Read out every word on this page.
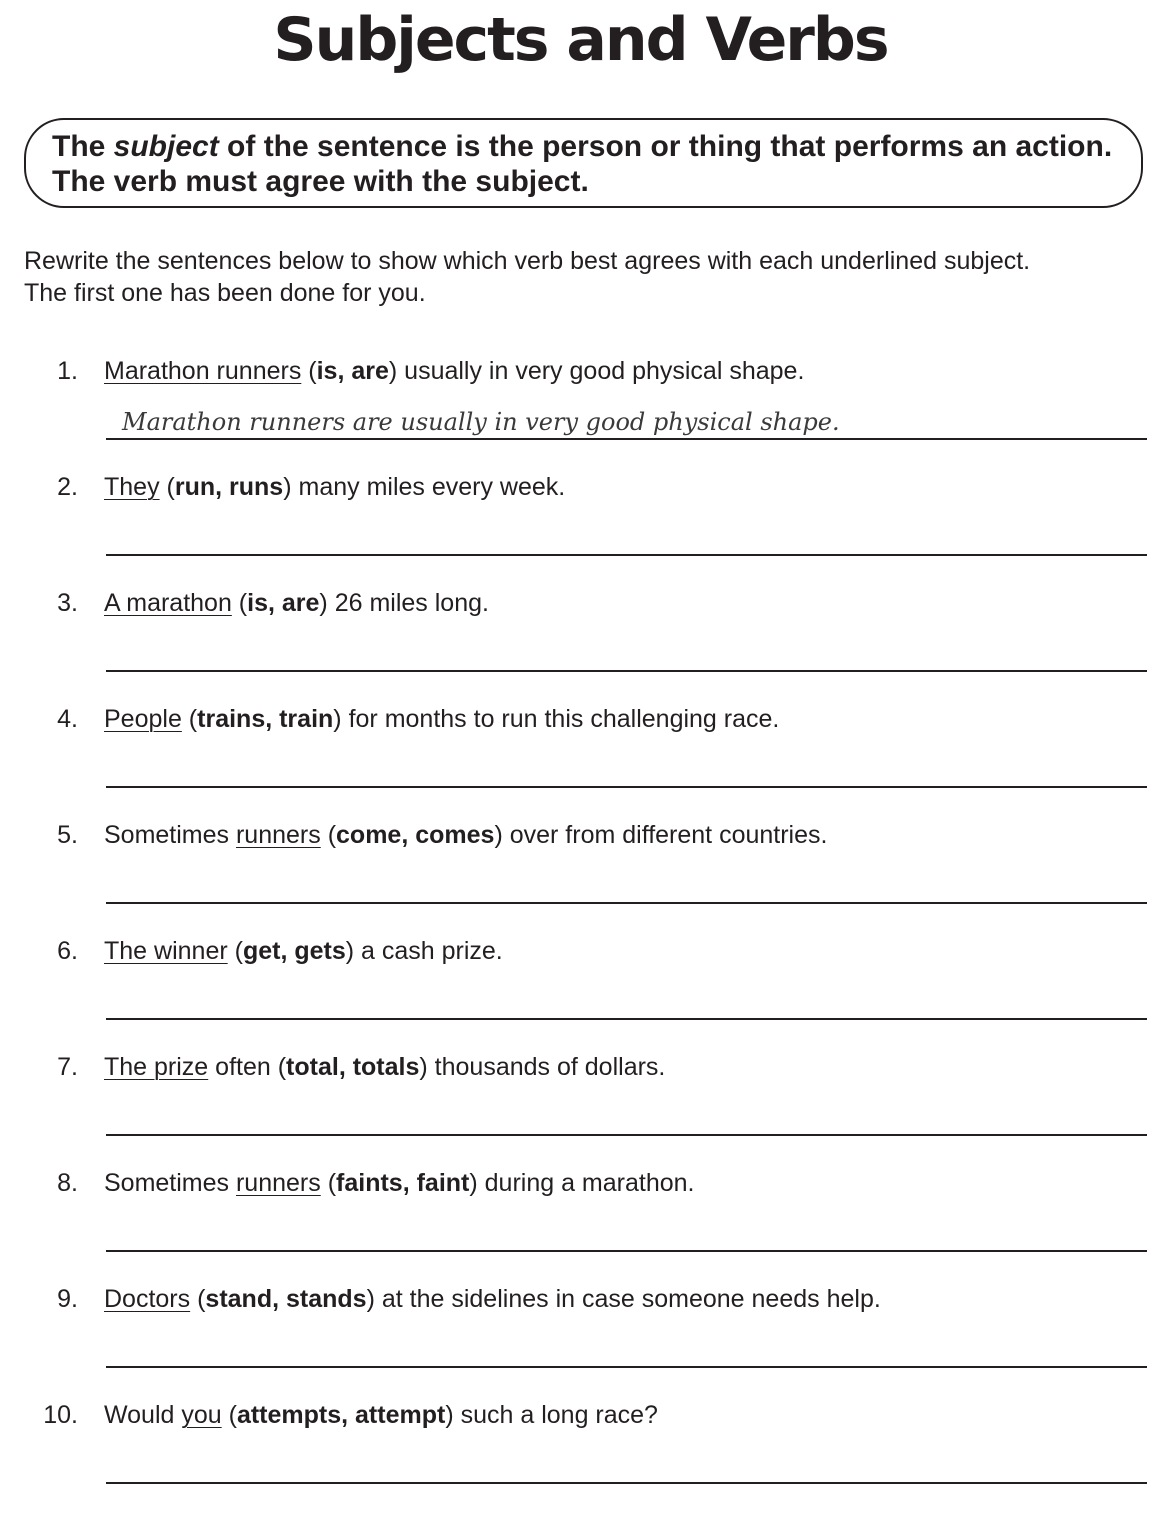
Subjects and Verbs
The subject of the sentence is the person or thing that performs an action. The verb must agree with the subject.
Rewrite the sentences below to show which verb best agrees with each underlined subject.
The first one has been done for you.
1. Marathon runners (is, are) usually in very good physical shape.
Marathon runners are usually in very good physical shape.
2. They (run, runs) many miles every week.
3. A marathon (is, are) 26 miles long.
4. People (trains, train) for months to run this challenging race.
5. Sometimes runners (come, comes) over from different countries.
6. The winner (get, gets) a cash prize.
7. The prize often (total, totals) thousands of dollars.
8. Sometimes runners (faints, faint) during a marathon.
9. Doctors (stand, stands) at the sidelines in case someone needs help.
10. Would you (attempts, attempt) such a long race?
